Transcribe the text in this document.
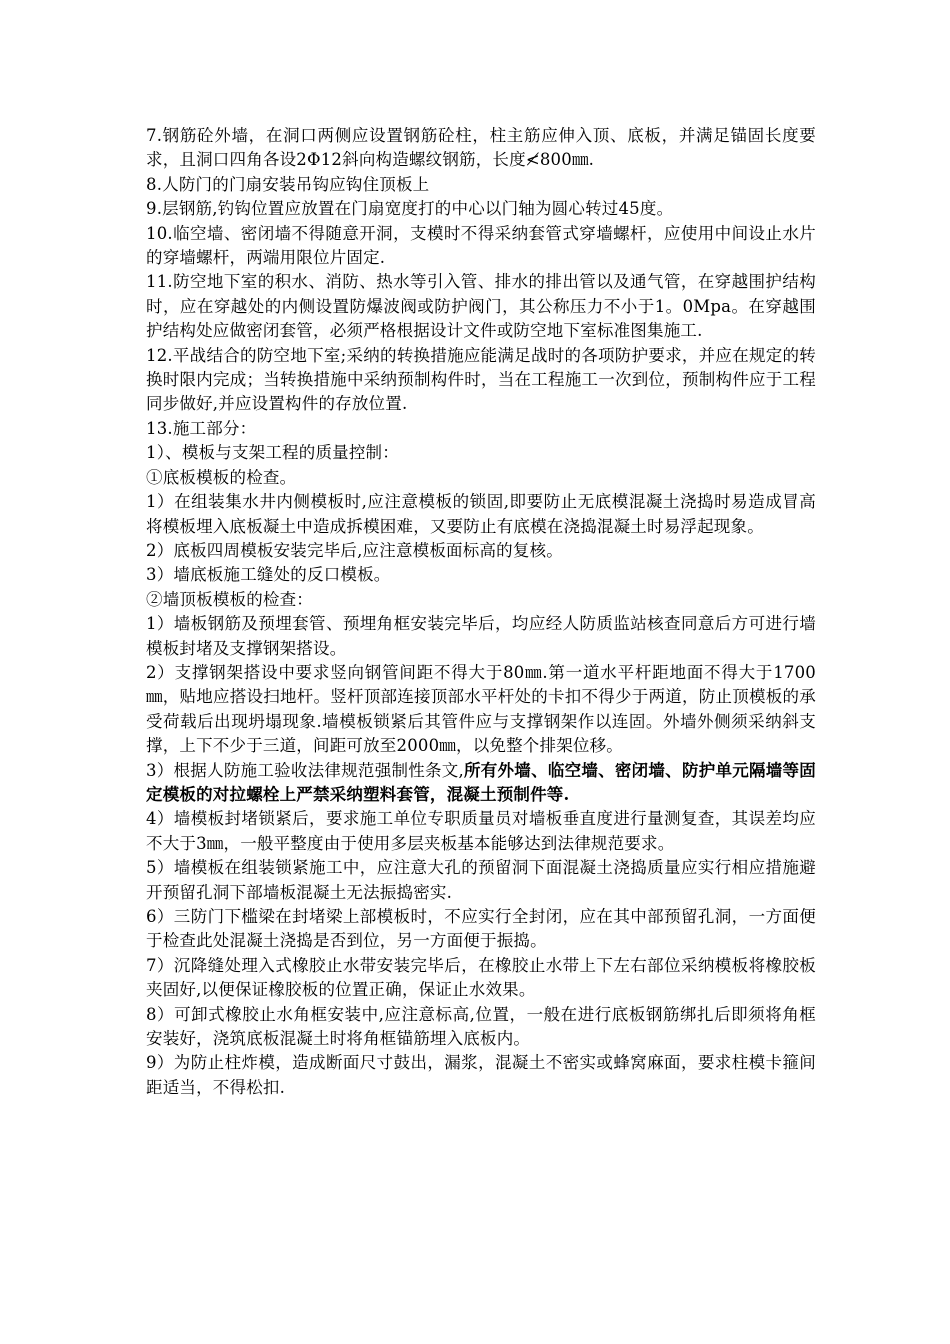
7.钢筋砼外墙，在洞口两侧应设置钢筋砼柱，柱主筋应伸入顶、底板，并满足锚固长度要求，且洞口四角各设2Φ12斜向构造螺纹钢筋，长度≮800㎜.

8.人防门的门扇安装吊钩应钩住顶板上

9.层钢筋,钓钩位置应放置在门扇宽度打的中心以门轴为圆心转过45度。

10.临空墙、密闭墙不得随意开洞，支模时不得采纳套管式穿墙螺杆，应使用中间设止水片的穿墙螺杆，两端用限位片固定.

11.防空地下室的积水、消防、热水等引入管、排水的排出管以及通气管，在穿越围护结构时，应在穿越处的内侧设置防爆波阀或防护阀门，其公称压力不小于1。0Mpa。在穿越围护结构处应做密闭套管，必须严格根据设计文件或防空地下室标准图集施工.

12.平战结合的防空地下室;采纳的转换措施应能满足战时的各项防护要求，并应在规定的转换时限内完成；当转换措施中采纳预制构件时，当在工程施工一次到位，预制构件应于工程同步做好,并应设置构件的存放位置.

13.施工部分：

1）、模板与支架工程的质量控制：

①底板模板的检查。

1）在组装集水井内侧模板时,应注意模板的锁固,即要防止无底模混凝土浇捣时易造成冒高将模板埋入底板凝土中造成拆模困难，又要防止有底模在浇捣混凝土时易浮起现象。

2）底板四周模板安装完毕后,应注意模板面标高的复核。

3）墙底板施工缝处的反口模板。

②墙顶板模板的检查：

1）墙板钢筋及预埋套管、预埋角框安装完毕后，均应经人防质监站核查同意后方可进行墙模板封堵及支撑钢架搭设。

2）支撑钢架搭设中要求竖向钢管间距不得大于80㎜.第一道水平杆距地面不得大于1700㎜，贴地应搭设扫地杆。竖杆顶部连接顶部水平杆处的卡扣不得少于两道，防止顶模板的承受荷载后出现坍塌现象.墙模板锁紧后其管件应与支撑钢架作以连固。外墙外侧须采纳斜支撑，上下不少于三道，间距可放至2000㎜，以免整个排架位移。

3）根据人防施工验收法律规范强制性条文,所有外墙、临空墙、密闭墙、防护单元隔墙等固定模板的对拉螺栓上严禁采纳塑料套管，混凝土预制件等.

4）墙模板封堵锁紧后，要求施工单位专职质量员对墙板垂直度进行量测复查，其误差均应不大于3㎜，一般平整度由于使用多层夹板基本能够达到法律规范要求。

5）墙模板在组装锁紧施工中，应注意大孔的预留洞下面混凝土浇捣质量应实行相应措施避开预留孔洞下部墙板混凝土无法振捣密实.

6）三防门下槛梁在封堵梁上部模板时，不应实行全封闭，应在其中部预留孔洞，一方面便于检查此处混凝土浇捣是否到位，另一方面便于振捣。

7）沉降缝处理入式橡胶止水带安装完毕后，在橡胶止水带上下左右部位采纳模板将橡胶板夹固好,以便保证橡胶板的位置正确，保证止水效果。

8）可卸式橡胶止水角框安装中,应注意标高,位置，一般在进行底板钢筋绑扎后即须将角框安装好，浇筑底板混凝土时将角框锚筋埋入底板内。

9）为防止柱炸模，造成断面尺寸鼓出，漏浆，混凝土不密实或蜂窝麻面，要求柱模卡箍间距适当，不得松扣.
